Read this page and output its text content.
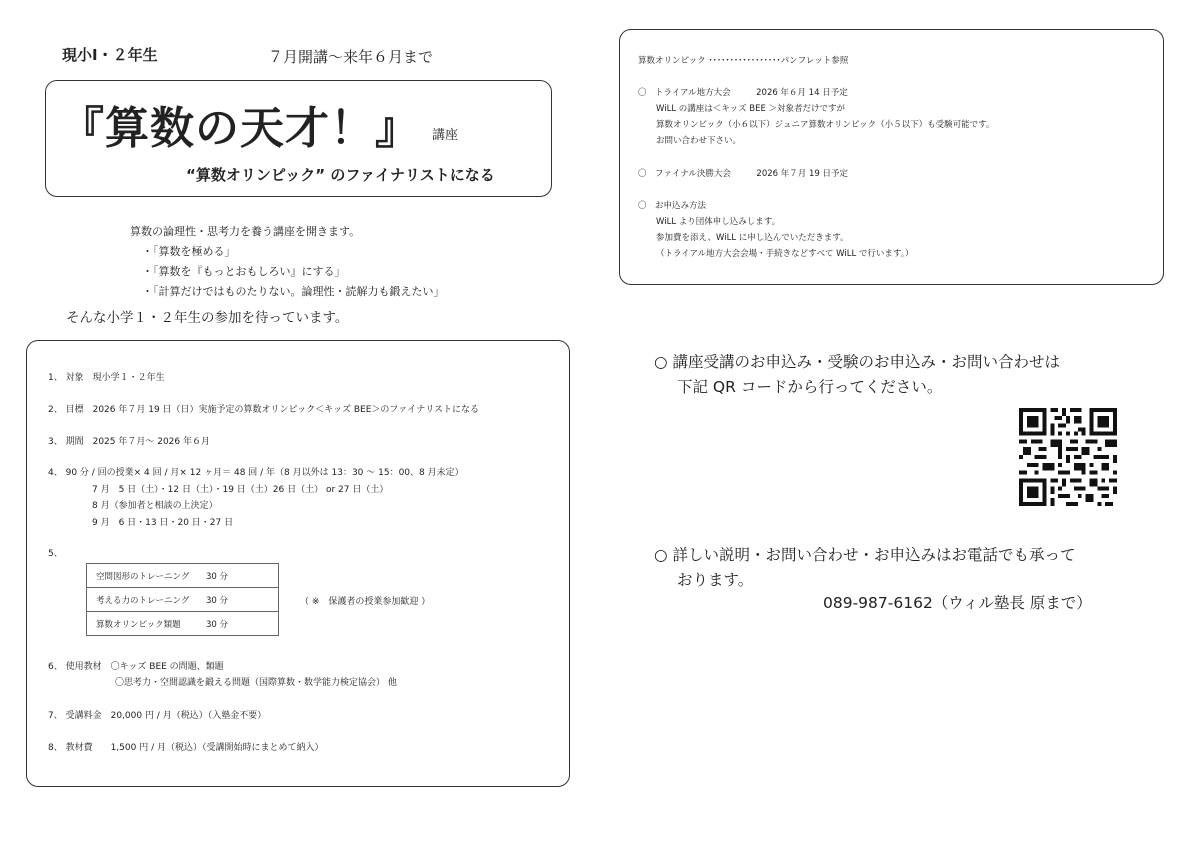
現小Ⅰ・２年生	７月開講〜来年６月まで
『算数の天才！』 講座
“算数オリンピック” のファイナリストになる
算数の論理性・思考力を養う講座を開きます。
・｢算数を極める｣
・｢算数を『もっとおもしろい』にする｣
・｢計算だけではものたりない。論理性・読解力も鍛えたい｣
そんな小学１・２年生の参加を待っています。
1、 対象　現小学１・２年生
2、 目標　2026 年７月 19 日（日）実施予定の算数オリンピック＜キッズ BEE＞のファイナリストになる
3、 期間　2025 年７月～ 2026 年６月
4、 90 分 / 回の授業× 4 回 / 月× 12 ヶ月＝ 48 回 / 年（8 月以外は 13：30 ～ 15：00、8 月未定）
7 月　5 日（土）・12 日（土）・19 日（土）26 日（土） or 27 日（土）
8 月（参加者と相談の上決定）
9 月　6 日・13 日・20 日・27 日
5、
空間図形のトレーニング	30 分
考える力のトレーニング	30 分
算数オリンピック類題	30 分
（ ※　保護者の授業参加歓迎 ）
6、 使用教材　〇キッズ BEE の問題、類題
〇思考力・空間認識を鍛える問題（国際算数・数学能力検定協会） 他
7、 受講料金　20,000 円 / 月（税込）（入塾金不要）
8、 教材費　　1,500 円 / 月（税込）（受講開始時にまとめて納入）
算数オリンピック ･････････････････パンフレット参照
〇　トライアル地方大会　　　2026 年６月 14 日予定
WiLL の講座は＜キッズ BEE ＞対象者だけですが
算数オリンピック（小６以下）ジュニア算数オリンピック（小５以下）も受験可能です。
お問い合わせ下さい。
〇　ファイナル決勝大会　　　2026 年７月 19 日予定
〇　お申込み方法
WiLL より団体申し込みします。
参加費を添え、WiLL に申し込んでいただきます。
（トライアル地方大会会場・手続きなどすべて WiLL で行います。）
○ 講座受講のお申込み・受験のお申込み・お問い合わせは
下記 QR コードから行ってください。
○ 詳しい説明・お問い合わせ・お申込みはお電話でも承って
おります。
089-987-6162（ウィル塾長 原まで）
